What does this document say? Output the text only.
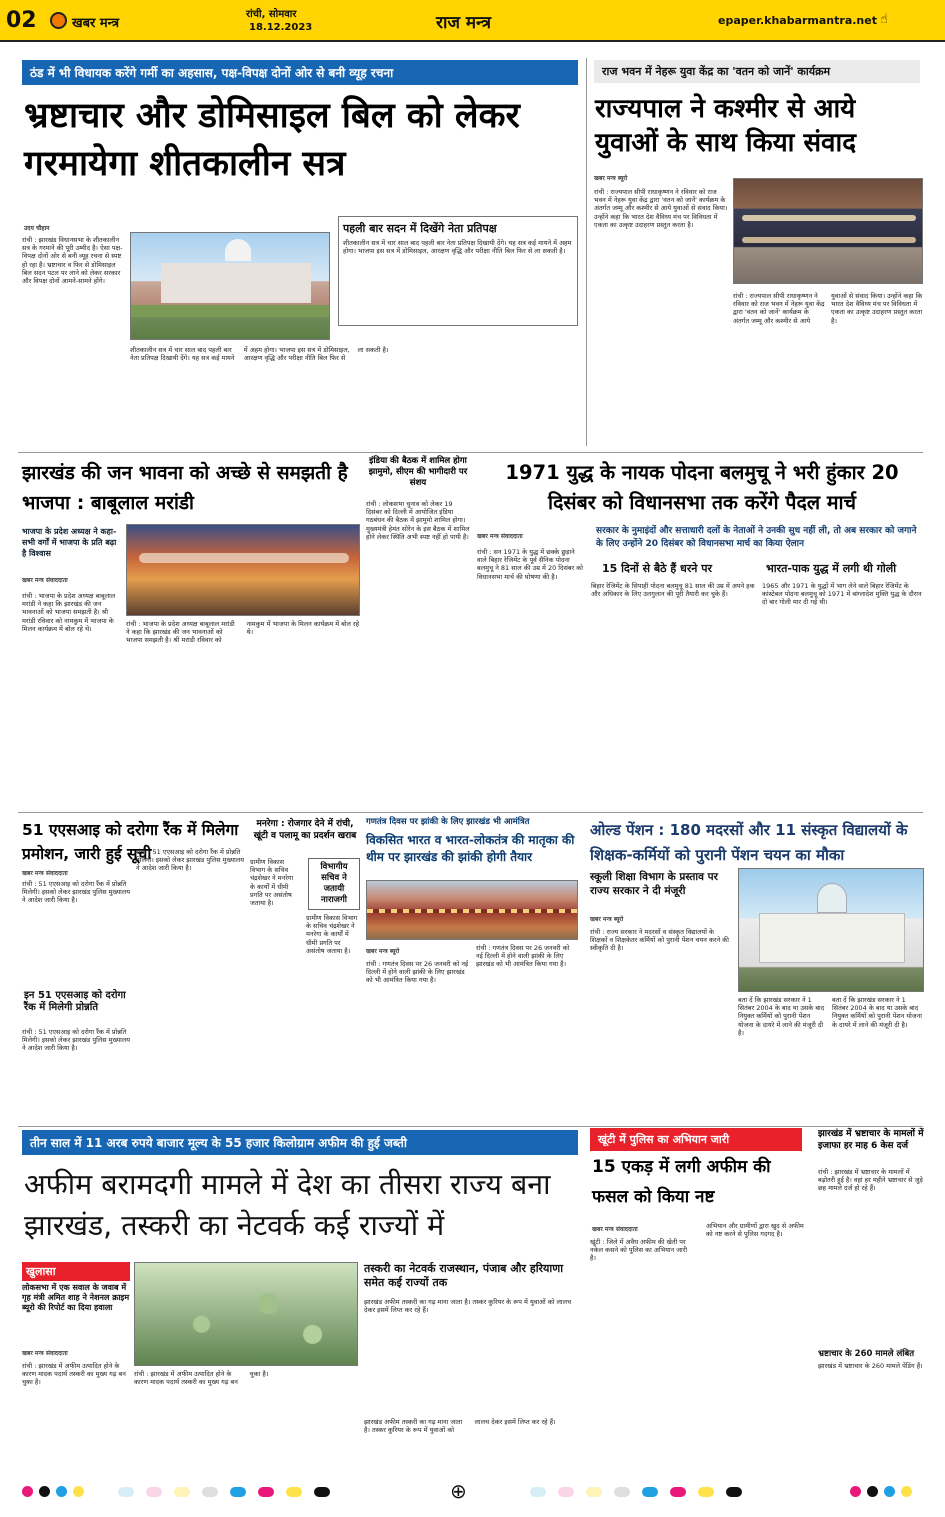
02	खबर मन्त्र
रांची, सोमवार
18.12.2023	राज मन्त्र	epaper.khabarmantra.net ☝
ठंड में भी विधायक करेंगे गर्मी का अहसास, पक्ष-विपक्ष दोनों ओर से बनी व्यूह रचना
भ्रष्टाचार और डोमिसाइल बिल को लेकर गरमायेगा शीतकालीन सत्र
उदय चौहान	पहली बार सदन में दिखेंगे नेता प्रतिपक्ष
शीतकालीन सत्र में चार साल बाद पहली बार नेता प्रतिपक्ष दिखायी देंगे। यह सत्र कई मायने में अहम होगा। भाजपा इस सत्र में डोमिसाइल, आरक्षण वृद्धि और परीक्षा नीति बिल फिर से ला सकती है।
रांची : झारखंड विधानसभा के शीतकालीन सत्र के गरमाने की पूरी उम्मीद है। ऐसा पक्ष-विपक्ष दोनों ओर से बनी व्यूह रचना से स्पष्ट हो रहा है। भ्रष्टाचार व फिर से डोमिसाइल बिल सदन पटल पर लाने को लेकर सरकार और विपक्ष दोनों आमने-सामने होंगे।
शीतकालीन सत्र में चार साल बाद पहली बार नेता प्रतिपक्ष दिखायी देंगे। यह सत्र कई मायने में अहम होगा। भाजपा इस सत्र में डोमिसाइल, आरक्षण वृद्धि और परीक्षा नीति बिल फिर से ला सकती है।
राज भवन में नेहरू युवा केंद्र का 'वतन को जानें' कार्यक्रम
राज्यपाल ने कश्मीर से आये युवाओं के साथ किया संवाद
खबर मन्त्र ब्यूरो
रांची : राज्यपाल सीपी राधाकृष्णन ने रविवार को राज भवन में नेहरू युवा केंद्र द्वारा 'वतन को जानें' कार्यक्रम के अंतर्गत जम्मू और कश्मीर से आये युवाओं से संवाद किया। उन्होंने कहा कि भारत देश वैविध्य मंच पर विविधता में एकता का उत्कृष्ट उदाहरण प्रस्तुत करता है।
रांची : राज्यपाल सीपी राधाकृष्णन ने रविवार को राज भवन में नेहरू युवा केंद्र द्वारा 'वतन को जानें' कार्यक्रम के अंतर्गत जम्मू और कश्मीर से आये युवाओं से संवाद किया। उन्होंने कहा कि भारत देश वैविध्य मंच पर विविधता में एकता का उत्कृष्ट उदाहरण प्रस्तुत करता है।
झारखंड की जन भावना को अच्छे से समझती है भाजपा : बाबूलाल मरांडी
भाजपा के प्रदेश अध्यक्ष ने कहा- सभी वर्गों में भाजपा के प्रति बढ़ा है विश्वास
खबर मन्त्र संवाददाता
रांची : भाजपा के प्रदेश अध्यक्ष बाबूलाल मरांडी ने कहा कि झारखंड की जन भावनाओं को भाजपा समझती है। श्री मरांडी रविवार को नामकुम में भाजपा के मिलन कार्यक्रम में बोल रहे थे।
रांची : भाजपा के प्रदेश अध्यक्ष बाबूलाल मरांडी ने कहा कि झारखंड की जन भावनाओं को भाजपा समझती है। श्री मरांडी रविवार को नामकुम में भाजपा के मिलन कार्यक्रम में बोल रहे थे।
इंडिया की बैठक में शामिल होगा झामुमो, सीएम की भागीदारी पर संशय
रांची : लोकसभा चुनाव को लेकर 19 दिसंबर को दिल्ली में आयोजित इंडिया गठबंधन की बैठक में झामुमो शामिल होगा। मुख्यमंत्री हेमंत सोरेन के इस बैठक में शामिल होने लेकर स्थिति अभी स्पष्ट नहीं हो पायी है।
1971 युद्ध के नायक पोदना बलमुचू ने भरी हुंकार 20 दिसंबर को विधानसभा तक करेंगे पैदल मार्च
सरकार के नुमाइंदों और सत्ताधारी दलों के नेताओं ने उनकी सुध नहीं ली, तो अब सरकार को जगाने के लिए उन्होंने 20 दिसंबर को विधानसभा मार्च का किया ऐलान
खबर मन्त्र संवाददाता
रांची : सन 1971 के युद्ध में छक्के छुड़ाने वाले बिहार रेजिमेंट के पूर्व सैनिक पोदना बलमुचू ने 81 साल की उम्र में 20 दिसंबर को विधानसभा मार्च की घोषणा की है।
15 दिनों से बैठे हैं धरने पर	भारत-पाक युद्ध में लगी थी गोली
बिहार रेजिमेंट के सिपाही पोदना बलमुचू 81 साल की उम्र में अपने हक और अधिकार के लिए उलगुलान की पूरी तैयारी कर चुके हैं।
1965 और 1971 के युद्धों में भाग लेने वाले बिहार रेजिमेंट के कांस्टेबल पोदना बलमुचू को 1971 में बांग्लादेश मुक्ति युद्ध के दौरान दो बार गोली मार दी गई थी।
51 एएसआइ को दरोगा रैंक में मिलेगा प्रमोशन, जारी हुई सूची
खबर मन्त्र संवाददाता
रांची : 51 एएसआइ को दरोगा रैंक में प्रोन्नति मिलेगी। इसको लेकर झारखंड पुलिस मुख्यालय ने आदेश जारी किया है।
इन 51 एएसआइ को दरोगा रैंक में मिलेगी प्रोन्नति
रांची : 51 एएसआइ को दरोगा रैंक में प्रोन्नति मिलेगी। इसको लेकर झारखंड पुलिस मुख्यालय ने आदेश जारी किया है।
रांची : 51 एएसआइ को दरोगा रैंक में प्रोन्नति मिलेगी। इसको लेकर झारखंड पुलिस मुख्यालय ने आदेश जारी किया है।
मनरेगा : रोजगार देने में रांची, खूंटी व पलामू का प्रदर्शन खराब
ग्रामीण विकास विभाग के सचिव चंद्रशेखर ने मनरेगा के कार्यों में धीमी प्रगति पर असंतोष जताया है।
विभागीय सचिव ने जतायी नाराजगी
ग्रामीण विकास विभाग के सचिव चंद्रशेखर ने मनरेगा के कार्यों में धीमी प्रगति पर असंतोष जताया है।
गणतंत्र दिवस पर झांकी के लिए झारखंड भी आमंत्रित
विकसित भारत व भारत-लोकतंत्र की मातृका की थीम पर झारखंड की झांकी होगी तैयार
खबर मन्त्र ब्यूरो
रांची : गणतंत्र दिवस पर 26 जनवरी को नई दिल्ली में होने वाली झांकी के लिए झारखंड को भी आमंत्रित किया गया है।
रांची : गणतंत्र दिवस पर 26 जनवरी को नई दिल्ली में होने वाली झांकी के लिए झारखंड को भी आमंत्रित किया गया है।
ओल्ड पेंशन : 180 मदरसों और 11 संस्कृत विद्यालयों के शिक्षक-कर्मियों को पुरानी पेंशन चयन का मौका
स्कूली शिक्षा विभाग के प्रस्ताव पर राज्य सरकार ने दी मंजूरी
खबर मन्त्र ब्यूरो
रांची : राज्य सरकार ने मदरसों व संस्कृत विद्यालयों के शिक्षकों व शिक्षकेतर कर्मियों को पुरानी पेंशन चयन करने की स्वीकृति दी है।
बता दें कि झारखंड सरकार ने 1 सितंबर 2004 के बाद या उसके बाद नियुक्त कर्मियों को पुरानी पेंशन योजना के दायरे में लाने की मंजूरी दी है।
बता दें कि झारखंड सरकार ने 1 सितंबर 2004 के बाद या उसके बाद नियुक्त कर्मियों को पुरानी पेंशन योजना के दायरे में लाने की मंजूरी दी है।
तीन साल में 11 अरब रुपये बाजार मूल्य के 55 हजार किलोग्राम अफीम की हुई जब्ती
अफीम बरामदगी मामले में देश का तीसरा राज्य बना झारखंड, तस्करी का नेटवर्क कई राज्यों में
खुलासा
लोकसभा में एक सवाल के जवाब में गृह मंत्री अमित शाह ने नेशनल क्राइम ब्यूरो की रिपोर्ट का दिया हवाला
खबर मन्त्र संवाददाता
रांची : झारखंड में अफीम उत्पादित होने के कारण मादक पदार्थ तस्करी का मुख्य गढ़ बन चुका है।
रांची : झारखंड में अफीम उत्पादित होने के कारण मादक पदार्थ तस्करी का मुख्य गढ़ बन चुका है।
तस्करी का नेटवर्क राजस्थान, पंजाब और हरियाणा समेत कई राज्यों तक
झारखंड अफीम तस्करी का गढ़ माना जाता है। तस्कर कुरियर के रूप में युवाओं को लालच देकर इसमें लिप्त कर रहे हैं।
झारखंड अफीम तस्करी का गढ़ माना जाता है। तस्कर कुरियर के रूप में युवाओं को लालच देकर इसमें लिप्त कर रहे हैं।
खूंटी में पुलिस का अभियान जारी
15 एकड़ में लगी अफीम की फसल को किया नष्ट
खबर मन्त्र संवाददाता
खूंटी : जिले में अवैध अफीम की खेती पर नकेल कसने को पुलिस का अभियान जारी है।
अभियान और ग्रामीणों द्वारा खुद से अफीम को नष्ट करने से पुलिस गदगद है।
झारखंड में भ्रष्टाचार के मामलों में इजाफा हर माह 6 केस दर्ज
रांची : झारखंड में भ्रष्टाचार के मामलों में बढ़ोतरी हुई है। वहां हर महीने भ्रष्टाचार से जुड़े छह मामले दर्ज हो रहे हैं।
भ्रष्टाचार के 260 मामले लंबित
झारखंड में भ्रष्टाचार के 260 मामले पेंडिंग हैं।
⊕
